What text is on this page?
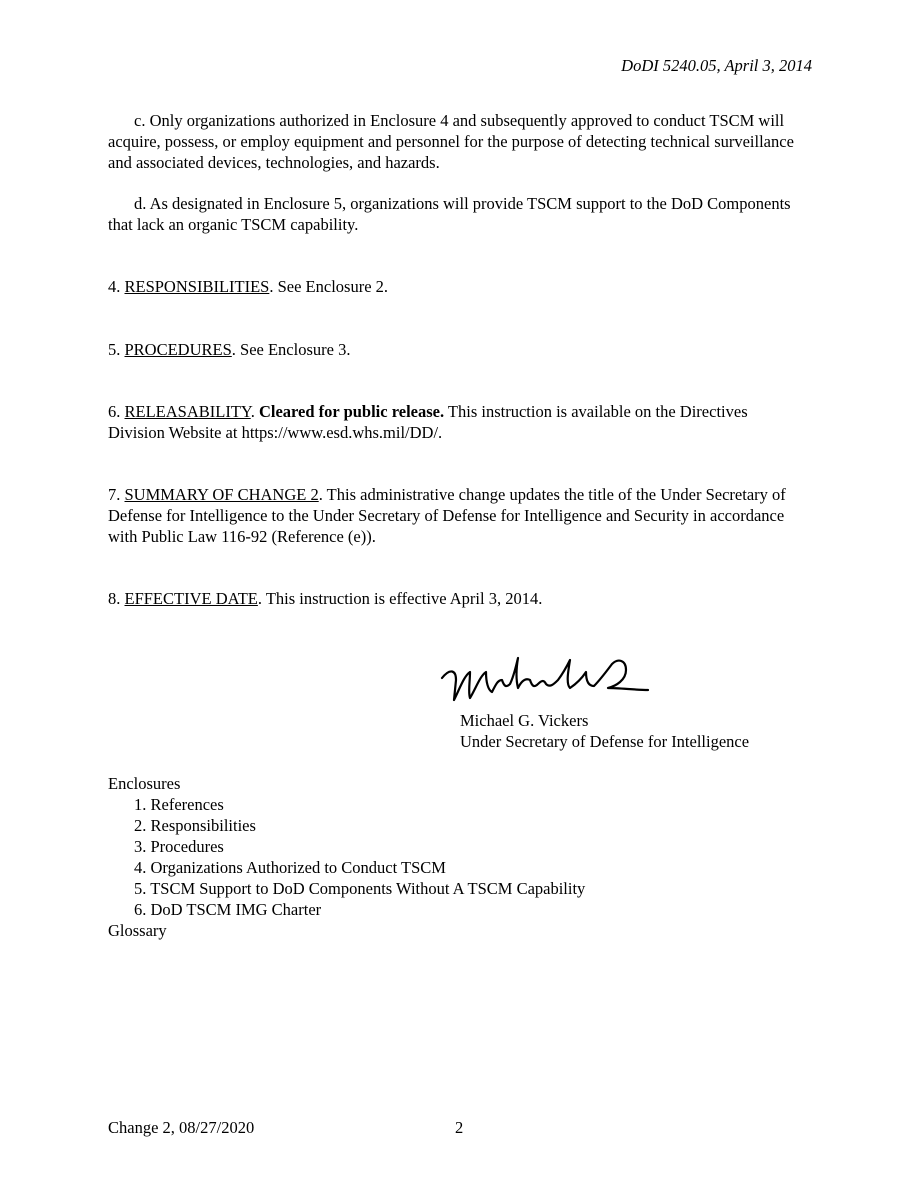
DoDI 5240.05, April 3, 2014
c. Only organizations authorized in Enclosure 4 and subsequently approved to conduct TSCM will acquire, possess, or employ equipment and personnel for the purpose of detecting technical surveillance and associated devices, technologies, and hazards.
d. As designated in Enclosure 5, organizations will provide TSCM support to the DoD Components that lack an organic TSCM capability.
4. RESPONSIBILITIES. See Enclosure 2.
5. PROCEDURES. See Enclosure 3.
6. RELEASABILITY. Cleared for public release. This instruction is available on the Directives Division Website at https://www.esd.whs.mil/DD/.
7. SUMMARY OF CHANGE 2. This administrative change updates the title of the Under Secretary of Defense for Intelligence to the Under Secretary of Defense for Intelligence and Security in accordance with Public Law 116-92 (Reference (e)).
8. EFFECTIVE DATE. This instruction is effective April 3, 2014.
Michael G. Vickers
Under Secretary of Defense for Intelligence
Enclosures
1. References
2. Responsibilities
3. Procedures
4. Organizations Authorized to Conduct TSCM
5. TSCM Support to DoD Components Without A TSCM Capability
6. DoD TSCM IMG Charter
Glossary
Change 2, 08/27/2020	2
